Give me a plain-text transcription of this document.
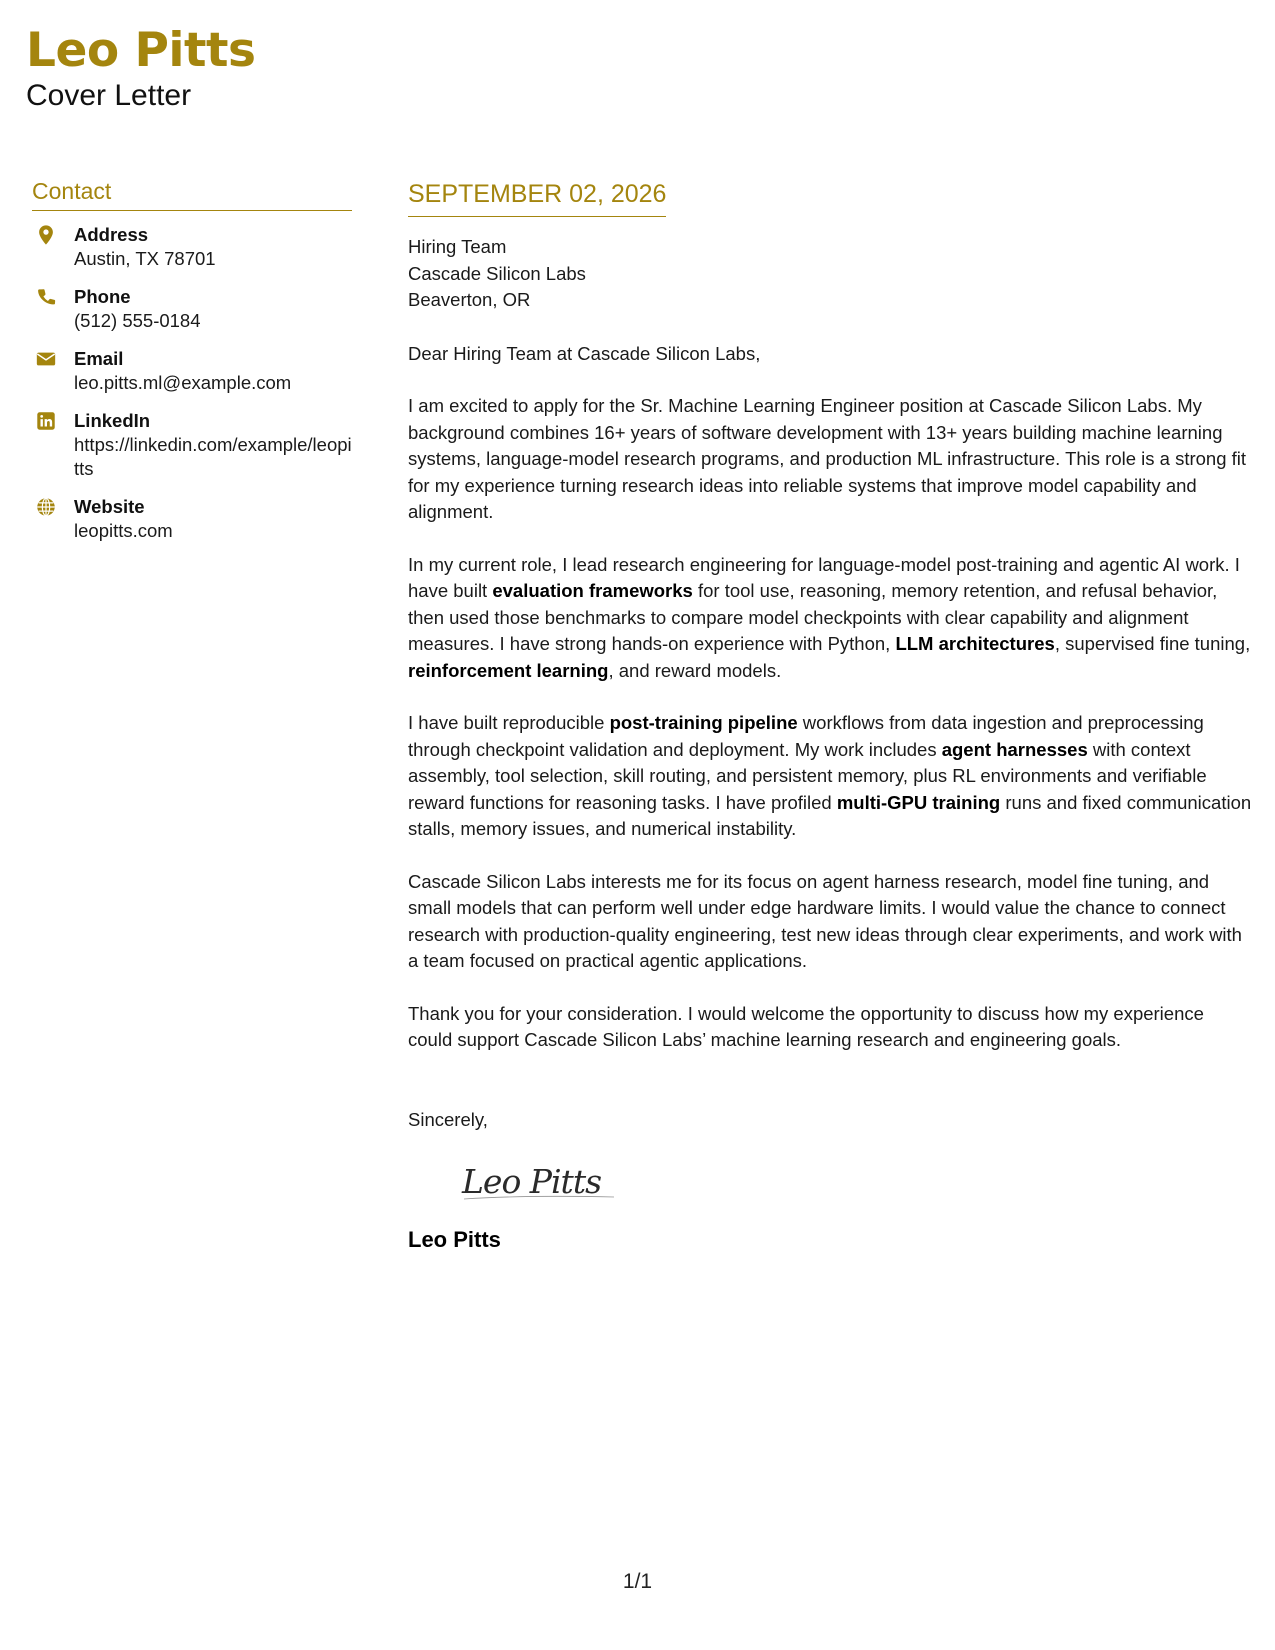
Leo Pitts
Cover Letter
Contact
Address
Austin, TX 78701
Phone
(512) 555-0184
Email
leo.pitts.ml@example.com
LinkedIn
https://linkedin.com/example/leopitts
Website
leopitts.com
SEPTEMBER 02, 2026
Hiring Team
Cascade Silicon Labs
Beaverton, OR
Dear Hiring Team at Cascade Silicon Labs,
I am excited to apply for the Sr. Machine Learning Engineer position at Cascade Silicon Labs. My background combines 16+ years of software development with 13+ years building machine learning systems, language-model research programs, and production ML infrastructure. This role is a strong fit for my experience turning research ideas into reliable systems that improve model capability and alignment.
In my current role, I lead research engineering for language-model post-training and agentic AI work. I have built evaluation frameworks for tool use, reasoning, memory retention, and refusal behavior, then used those benchmarks to compare model checkpoints with clear capability and alignment measures. I have strong hands-on experience with Python, LLM architectures, supervised fine tuning, reinforcement learning, and reward models.
I have built reproducible post-training pipeline workflows from data ingestion and preprocessing through checkpoint validation and deployment. My work includes agent harnesses with context assembly, tool selection, skill routing, and persistent memory, plus RL environments and verifiable reward functions for reasoning tasks. I have profiled multi-GPU training runs and fixed communication stalls, memory issues, and numerical instability.
Cascade Silicon Labs interests me for its focus on agent harness research, model fine tuning, and small models that can perform well under edge hardware limits. I would value the chance to connect research with production-quality engineering, test new ideas through clear experiments, and work with a team focused on practical agentic applications.
Thank you for your consideration. I would welcome the opportunity to discuss how my experience could support Cascade Silicon Labs’ machine learning research and engineering goals.
Sincerely,
Leo Pitts
Leo Pitts
1/1
